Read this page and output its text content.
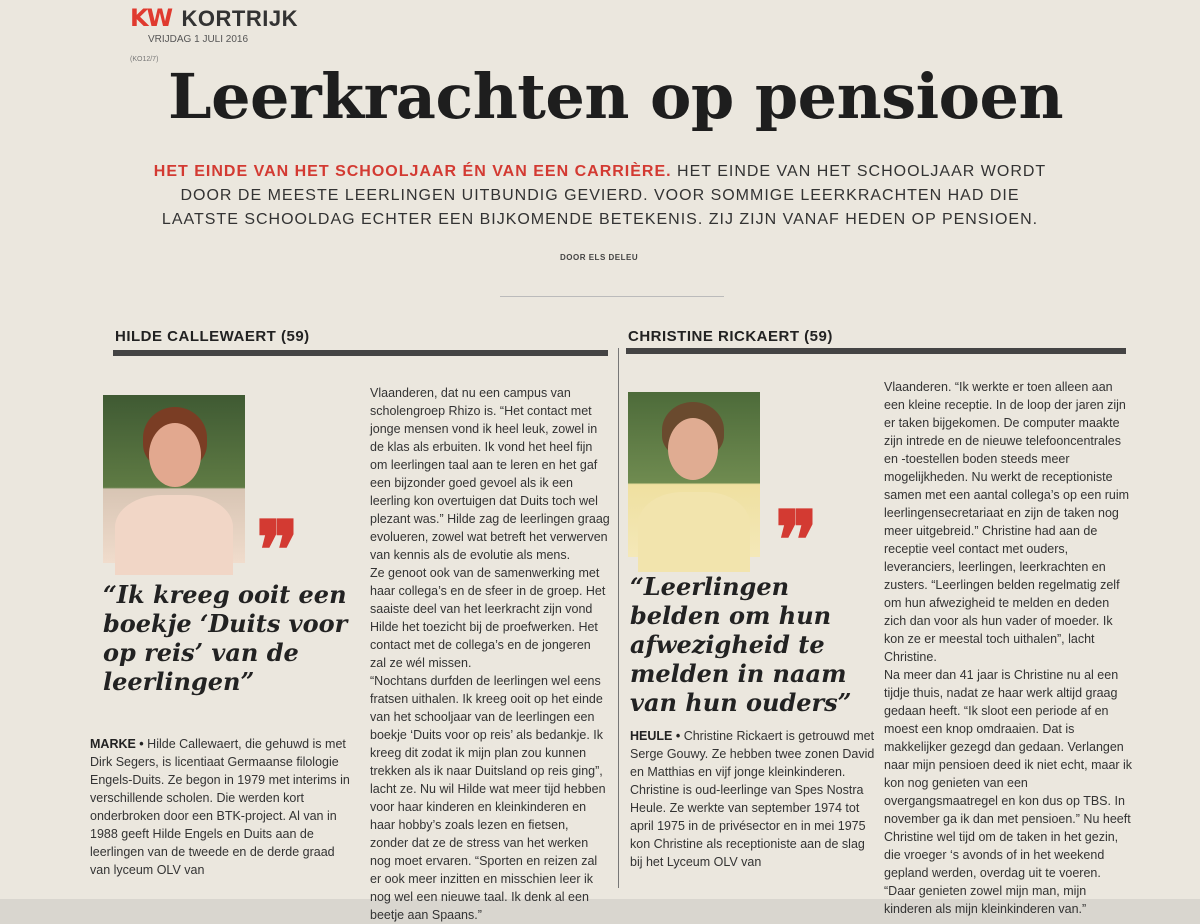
KW KORTRIJK
VRIJDAG 1 JULI 2016
(KO12/7)
Leerkrachten op pensioen
HET EINDE VAN HET SCHOOLJAAR ÉN VAN EEN CARRIÈRE. HET EINDE VAN HET SCHOOLJAAR WORDT DOOR DE MEESTE LEERLINGEN UITBUNDIG GEVIERD. VOOR SOMMIGE LEERKRACHTEN HAD DIE LAATSTE SCHOOLDAG ECHTER EEN BIJKOMENDE BETEKENIS. ZIJ ZIJN VANAF HEDEN OP PENSIOEN.
DOOR ELS DELEU
HILDE CALLEWAERT (59)
❞
“Ik kreeg ooit een boekje ‘Duits voor op reis’ van de leerlingen”

MARKE • Hilde Callewaert, die gehuwd is met Dirk Segers, is licentiaat Germaanse filologie Engels-Duits. Ze begon in 1979 met interims in verschillende scholen. Die werden kort onderbroken door een BTK-project. Al van in 1988 geeft Hilde Engels en Duits aan de leerlingen van de tweede en de derde graad van lyceum OLV van

Vlaanderen, dat nu een campus van scholengroep Rhizo is. “Het contact met jonge mensen vond ik heel leuk, zowel in de klas als erbuiten. Ik vond het heel fijn om leerlingen taal aan te leren en het gaf een bijzonder goed gevoel als ik een leerling kon overtuigen dat Duits toch wel plezant was.” Hilde zag de leerlingen graag evolueren, zowel wat betreft het verwerven van kennis als de evolutie als mens.

Ze genoot ook van de samenwerking met haar collega’s en de sfeer in de groep. Het saaiste deel van het leerkracht zijn vond Hilde het toezicht bij de proefwerken. Het contact met de collega’s en de jongeren zal ze wél missen.

“Nochtans durfden de leerlingen wel eens fratsen uithalen. Ik kreeg ooit op het einde van het schooljaar van de leerlingen een boekje ‘Duits voor op reis’ als bedankje. Ik kreeg dit zodat ik mijn plan zou kunnen trekken als ik naar Duitsland op reis ging”, lacht ze. Nu wil Hilde wat meer tijd hebben voor haar kinderen en kleinkinderen en haar hobby’s zoals lezen en fietsen, zonder dat ze de stress van het werken nog moet ervaren. “Sporten en reizen zal er ook meer inzitten en misschien leer ik nog wel een nieuwe taal. Ik denk al een beetje aan Spaans.”

CHRISTINE RICKAERT (59)
❞
“Leerlingen belden om hun afwezigheid te melden in naam van hun ouders”

HEULE • Christine Rickaert is getrouwd met Serge Gouwy. Ze hebben twee zonen David en Matthias en vijf jonge kleinkinderen. Christine is oud-leerlinge van Spes Nostra Heule. Ze werkte van september 1974 tot april 1975 in de privésector en in mei 1975 kon Christine als receptioniste aan de slag bij het Lyceum OLV van

Vlaanderen. “Ik werkte er toen alleen aan een kleine receptie. In de loop der jaren zijn er taken bijgekomen. De computer maakte zijn intrede en de nieuwe telefooncentrales en -toestellen boden steeds meer mogelijkheden. Nu werkt de receptioniste samen met een aantal collega’s op een ruim leerlingensecretariaat en zijn de taken nog meer uitgebreid.” Christine had aan de receptie veel contact met ouders, leveranciers, leerlingen, leerkrachten en zusters. “Leerlingen belden regelmatig zelf om hun afwezigheid te melden en deden zich dan voor als hun vader of moeder. Ik kon ze er meestal toch uithalen”, lacht Christine.

Na meer dan 41 jaar is Christine nu al een tijdje thuis, nadat ze haar werk altijd graag gedaan heeft. “Ik sloot een periode af en moest een knop omdraaien. Dat is makkelijker gezegd dan gedaan. Verlangen naar mijn pensioen deed ik niet echt, maar ik kon nog genieten van een overgangsmaatregel en kon dus op TBS. In november ga ik dan met pensioen.” Nu heeft Christine wel tijd om de taken in het gezin, die vroeger ‘s avonds of in het weekend gepland werden, overdag uit te voeren. “Daar genieten zowel mijn man, mijn kinderen als mijn kleinkinderen van.”
